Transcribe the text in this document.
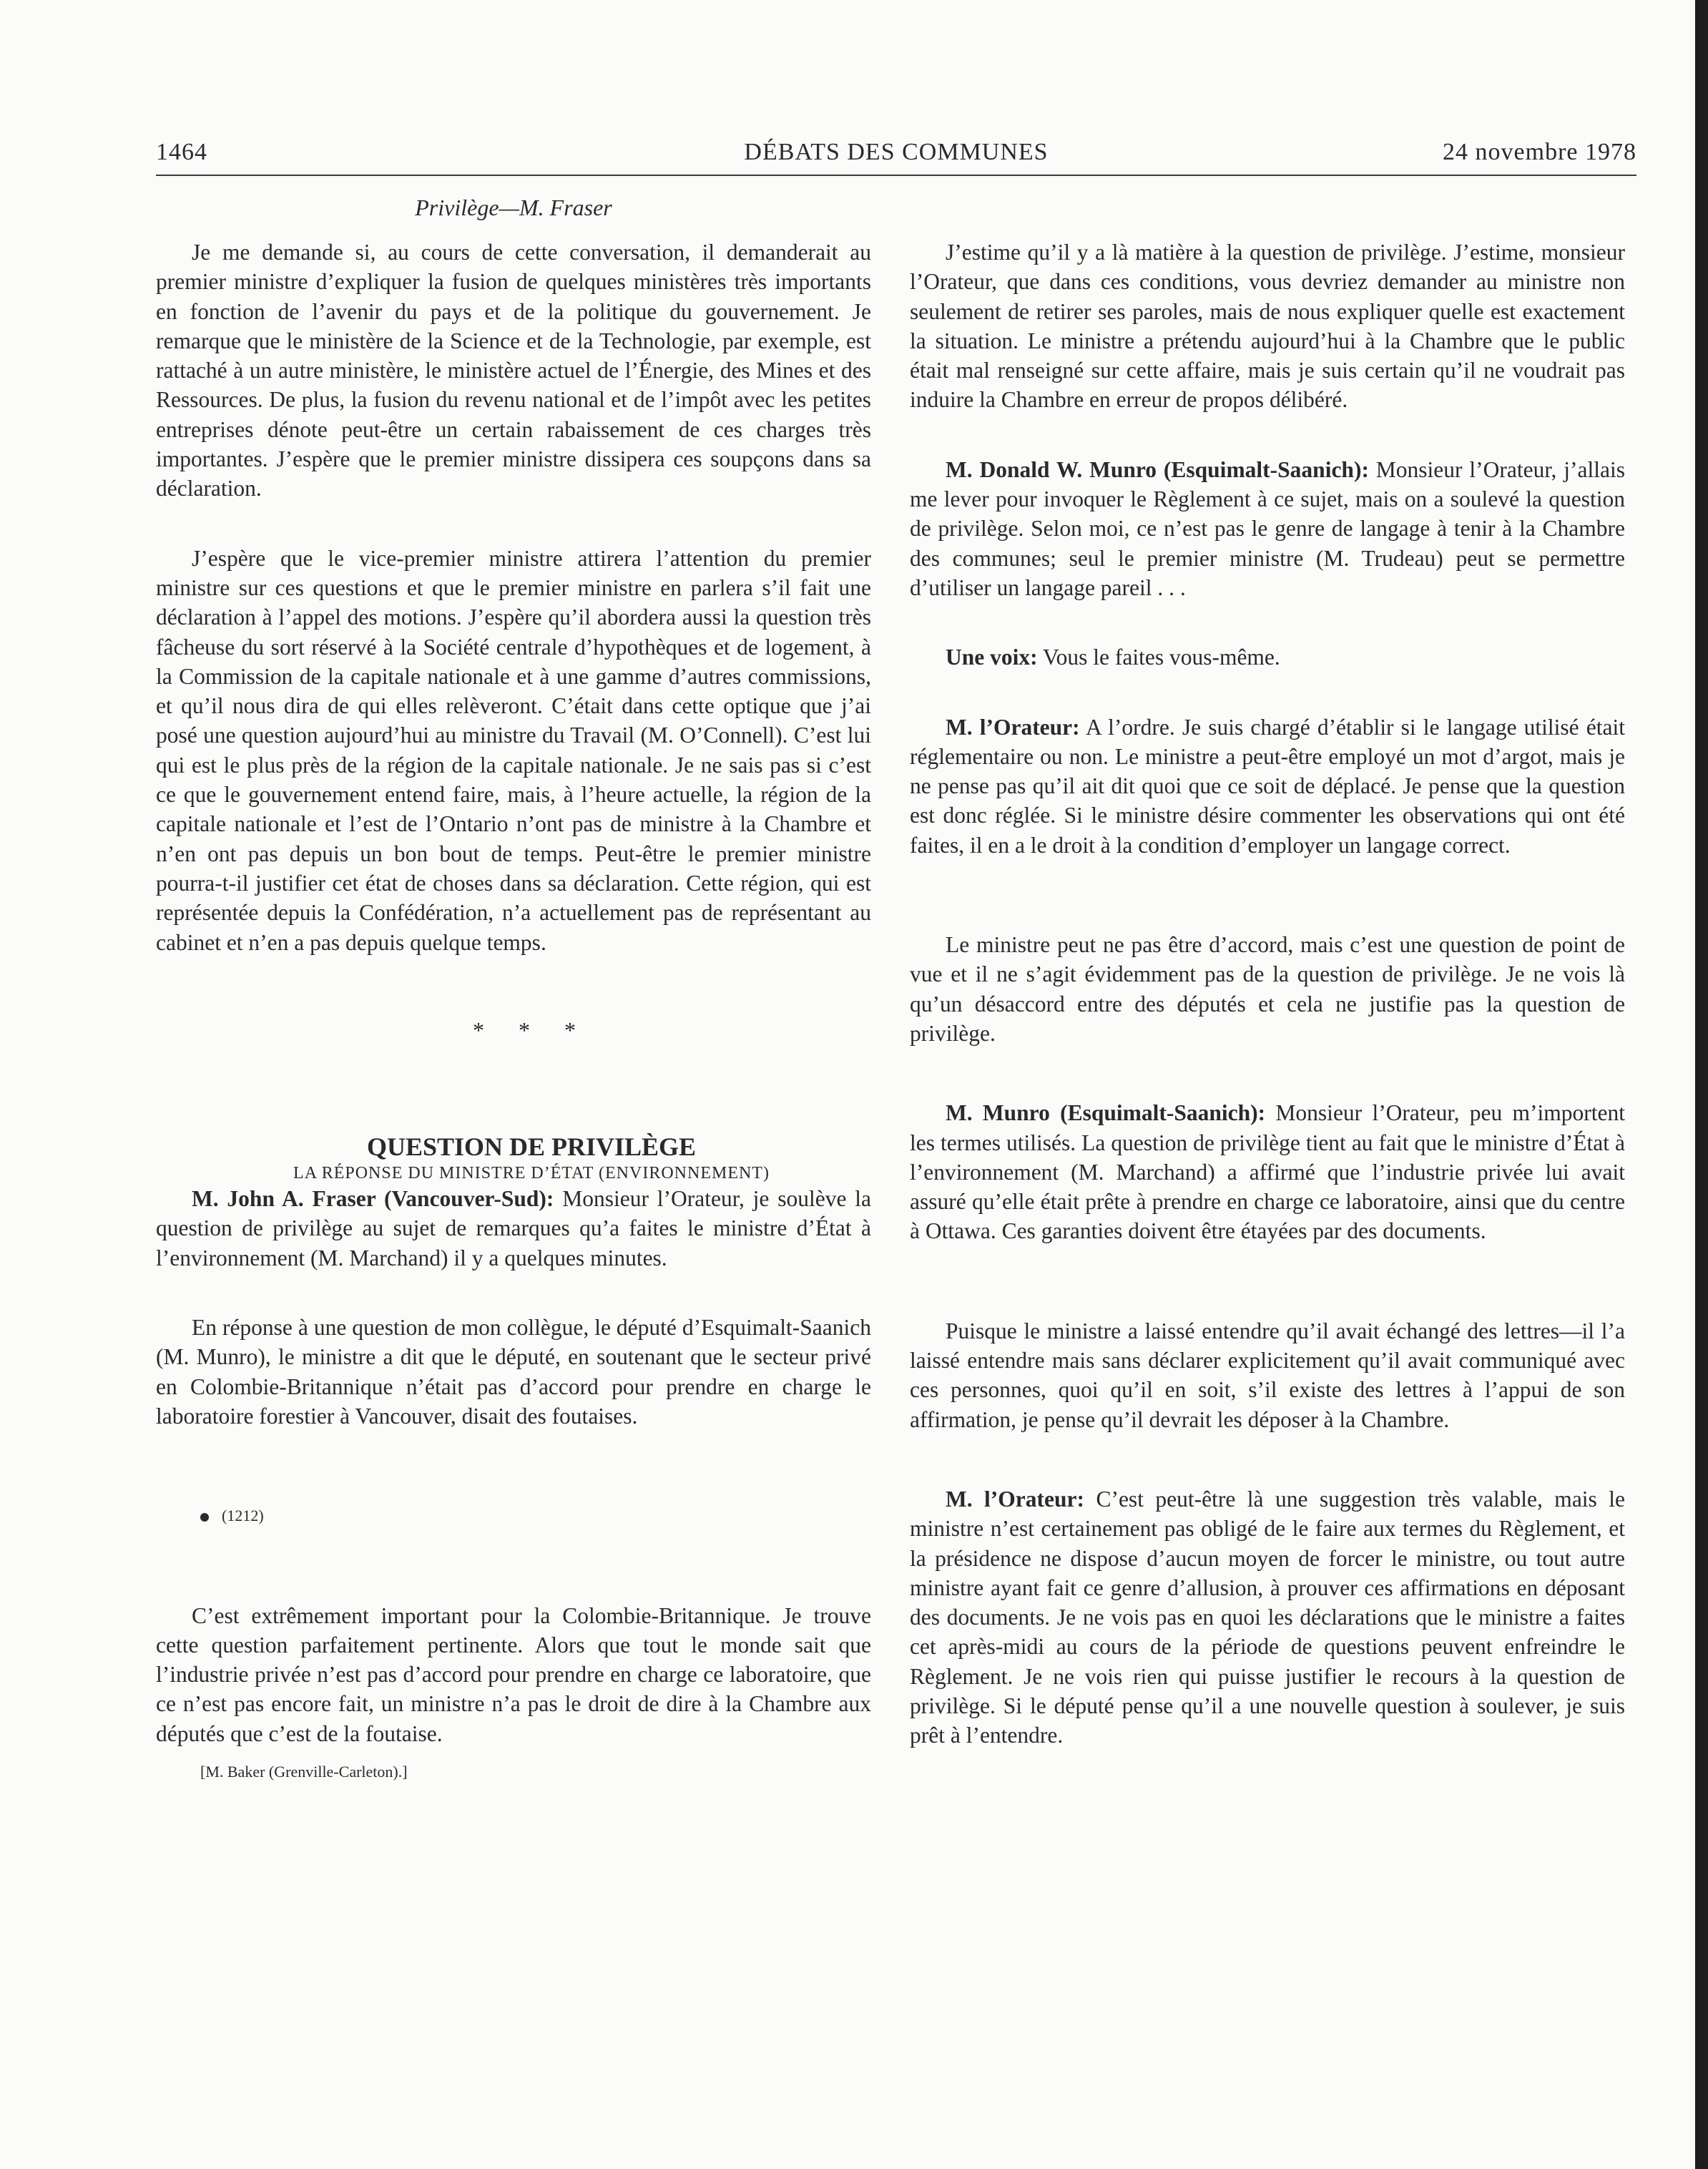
1464	DÉBATS DES COMMUNES	24 novembre 1978
Privilège—M. Fraser

Je me demande si, au cours de cette conversation, il demanderait au premier ministre d’expliquer la fusion de quelques ministères très importants en fonction de l’avenir du pays et de la politique du gouvernement. Je remarque que le ministère de la Science et de la Technologie, par exemple, est rattaché à un autre ministère, le ministère actuel de l’Énergie, des Mines et des Ressources. De plus, la fusion du revenu national et de l’impôt avec les petites entreprises dénote peut-être un certain rabaissement de ces charges très importantes. J’espère que le premier ministre dissipera ces soupçons dans sa déclaration.

J’espère que le vice-premier ministre attirera l’attention du premier ministre sur ces questions et que le premier ministre en parlera s’il fait une déclaration à l’appel des motions. J’espère qu’il abordera aussi la question très fâcheuse du sort réservé à la Société centrale d’hypothèques et de logement, à la Commission de la capitale nationale et à une gamme d’autres commissions, et qu’il nous dira de qui elles relèveront. C’était dans cette optique que j’ai posé une question aujourd’hui au ministre du Travail (M. O’Connell). C’est lui qui est le plus près de la région de la capitale nationale. Je ne sais pas si c’est ce que le gouvernement entend faire, mais, à l’heure actuelle, la région de la capitale nationale et l’est de l’Ontario n’ont pas de ministre à la Chambre et n’en ont pas depuis un bon bout de temps. Peut-être le premier ministre pourra-t-il justifier cet état de choses dans sa déclaration. Cette région, qui est représentée depuis la Confédération, n’a actuellement pas de représentant au cabinet et n’en a pas depuis quelque temps.

* * *

QUESTION DE PRIVILÈGE

LA RÉPONSE DU MINISTRE D’ÉTAT (ENVIRONNEMENT)

M. John A. Fraser (Vancouver-Sud): Monsieur l’Orateur, je soulève la question de privilège au sujet de remarques qu’a faites le ministre d’État à l’environnement (M. Marchand) il y a quelques minutes.

En réponse à une question de mon collègue, le député d’Esquimalt-Saanich (M. Munro), le ministre a dit que le député, en soutenant que le secteur privé en Colombie-Britannique n’était pas d’accord pour prendre en charge le laboratoire forestier à Vancouver, disait des foutaises.

(1212)

C’est extrêmement important pour la Colombie-Britannique. Je trouve cette question parfaitement pertinente. Alors que tout le monde sait que l’industrie privée n’est pas d’accord pour prendre en charge ce laboratoire, que ce n’est pas encore fait, un ministre n’a pas le droit de dire à la Chambre aux députés que c’est de la foutaise.

[M. Baker (Grenville-Carleton).]

J’estime qu’il y a là matière à la question de privilège. J’estime, monsieur l’Orateur, que dans ces conditions, vous devriez demander au ministre non seulement de retirer ses paroles, mais de nous expliquer quelle est exactement la situation. Le ministre a prétendu aujourd’hui à la Chambre que le public était mal renseigné sur cette affaire, mais je suis certain qu’il ne voudrait pas induire la Chambre en erreur de propos délibéré.

M. Donald W. Munro (Esquimalt-Saanich): Monsieur l’Orateur, j’allais me lever pour invoquer le Règlement à ce sujet, mais on a soulevé la question de privilège. Selon moi, ce n’est pas le genre de langage à tenir à la Chambre des communes; seul le premier ministre (M. Trudeau) peut se permettre d’utiliser un langage pareil . . .

Une voix: Vous le faites vous-même.

M. l’Orateur: A l’ordre. Je suis chargé d’établir si le langage utilisé était réglementaire ou non. Le ministre a peut-être employé un mot d’argot, mais je ne pense pas qu’il ait dit quoi que ce soit de déplacé. Je pense que la question est donc réglée. Si le ministre désire commenter les observations qui ont été faites, il en a le droit à la condition d’employer un langage correct.

Le ministre peut ne pas être d’accord, mais c’est une question de point de vue et il ne s’agit évidemment pas de la question de privilège. Je ne vois là qu’un désaccord entre des députés et cela ne justifie pas la question de privilège.

M. Munro (Esquimalt-Saanich): Monsieur l’Orateur, peu m’importent les termes utilisés. La question de privilège tient au fait que le ministre d’État à l’environnement (M. Marchand) a affirmé que l’industrie privée lui avait assuré qu’elle était prête à prendre en charge ce laboratoire, ainsi que du centre à Ottawa. Ces garanties doivent être étayées par des documents.

Puisque le ministre a laissé entendre qu’il avait échangé des lettres—il l’a laissé entendre mais sans déclarer explicitement qu’il avait communiqué avec ces personnes, quoi qu’il en soit, s’il existe des lettres à l’appui de son affirmation, je pense qu’il devrait les déposer à la Chambre.

M. l’Orateur: C’est peut-être là une suggestion très valable, mais le ministre n’est certainement pas obligé de le faire aux termes du Règlement, et la présidence ne dispose d’aucun moyen de forcer le ministre, ou tout autre ministre ayant fait ce genre d’allusion, à prouver ces affirmations en déposant des documents. Je ne vois pas en quoi les déclarations que le ministre a faites cet après-midi au cours de la période de questions peuvent enfreindre le Règlement. Je ne vois rien qui puisse justifier le recours à la question de privilège. Si le député pense qu’il a une nouvelle question à soulever, je suis prêt à l’entendre.
